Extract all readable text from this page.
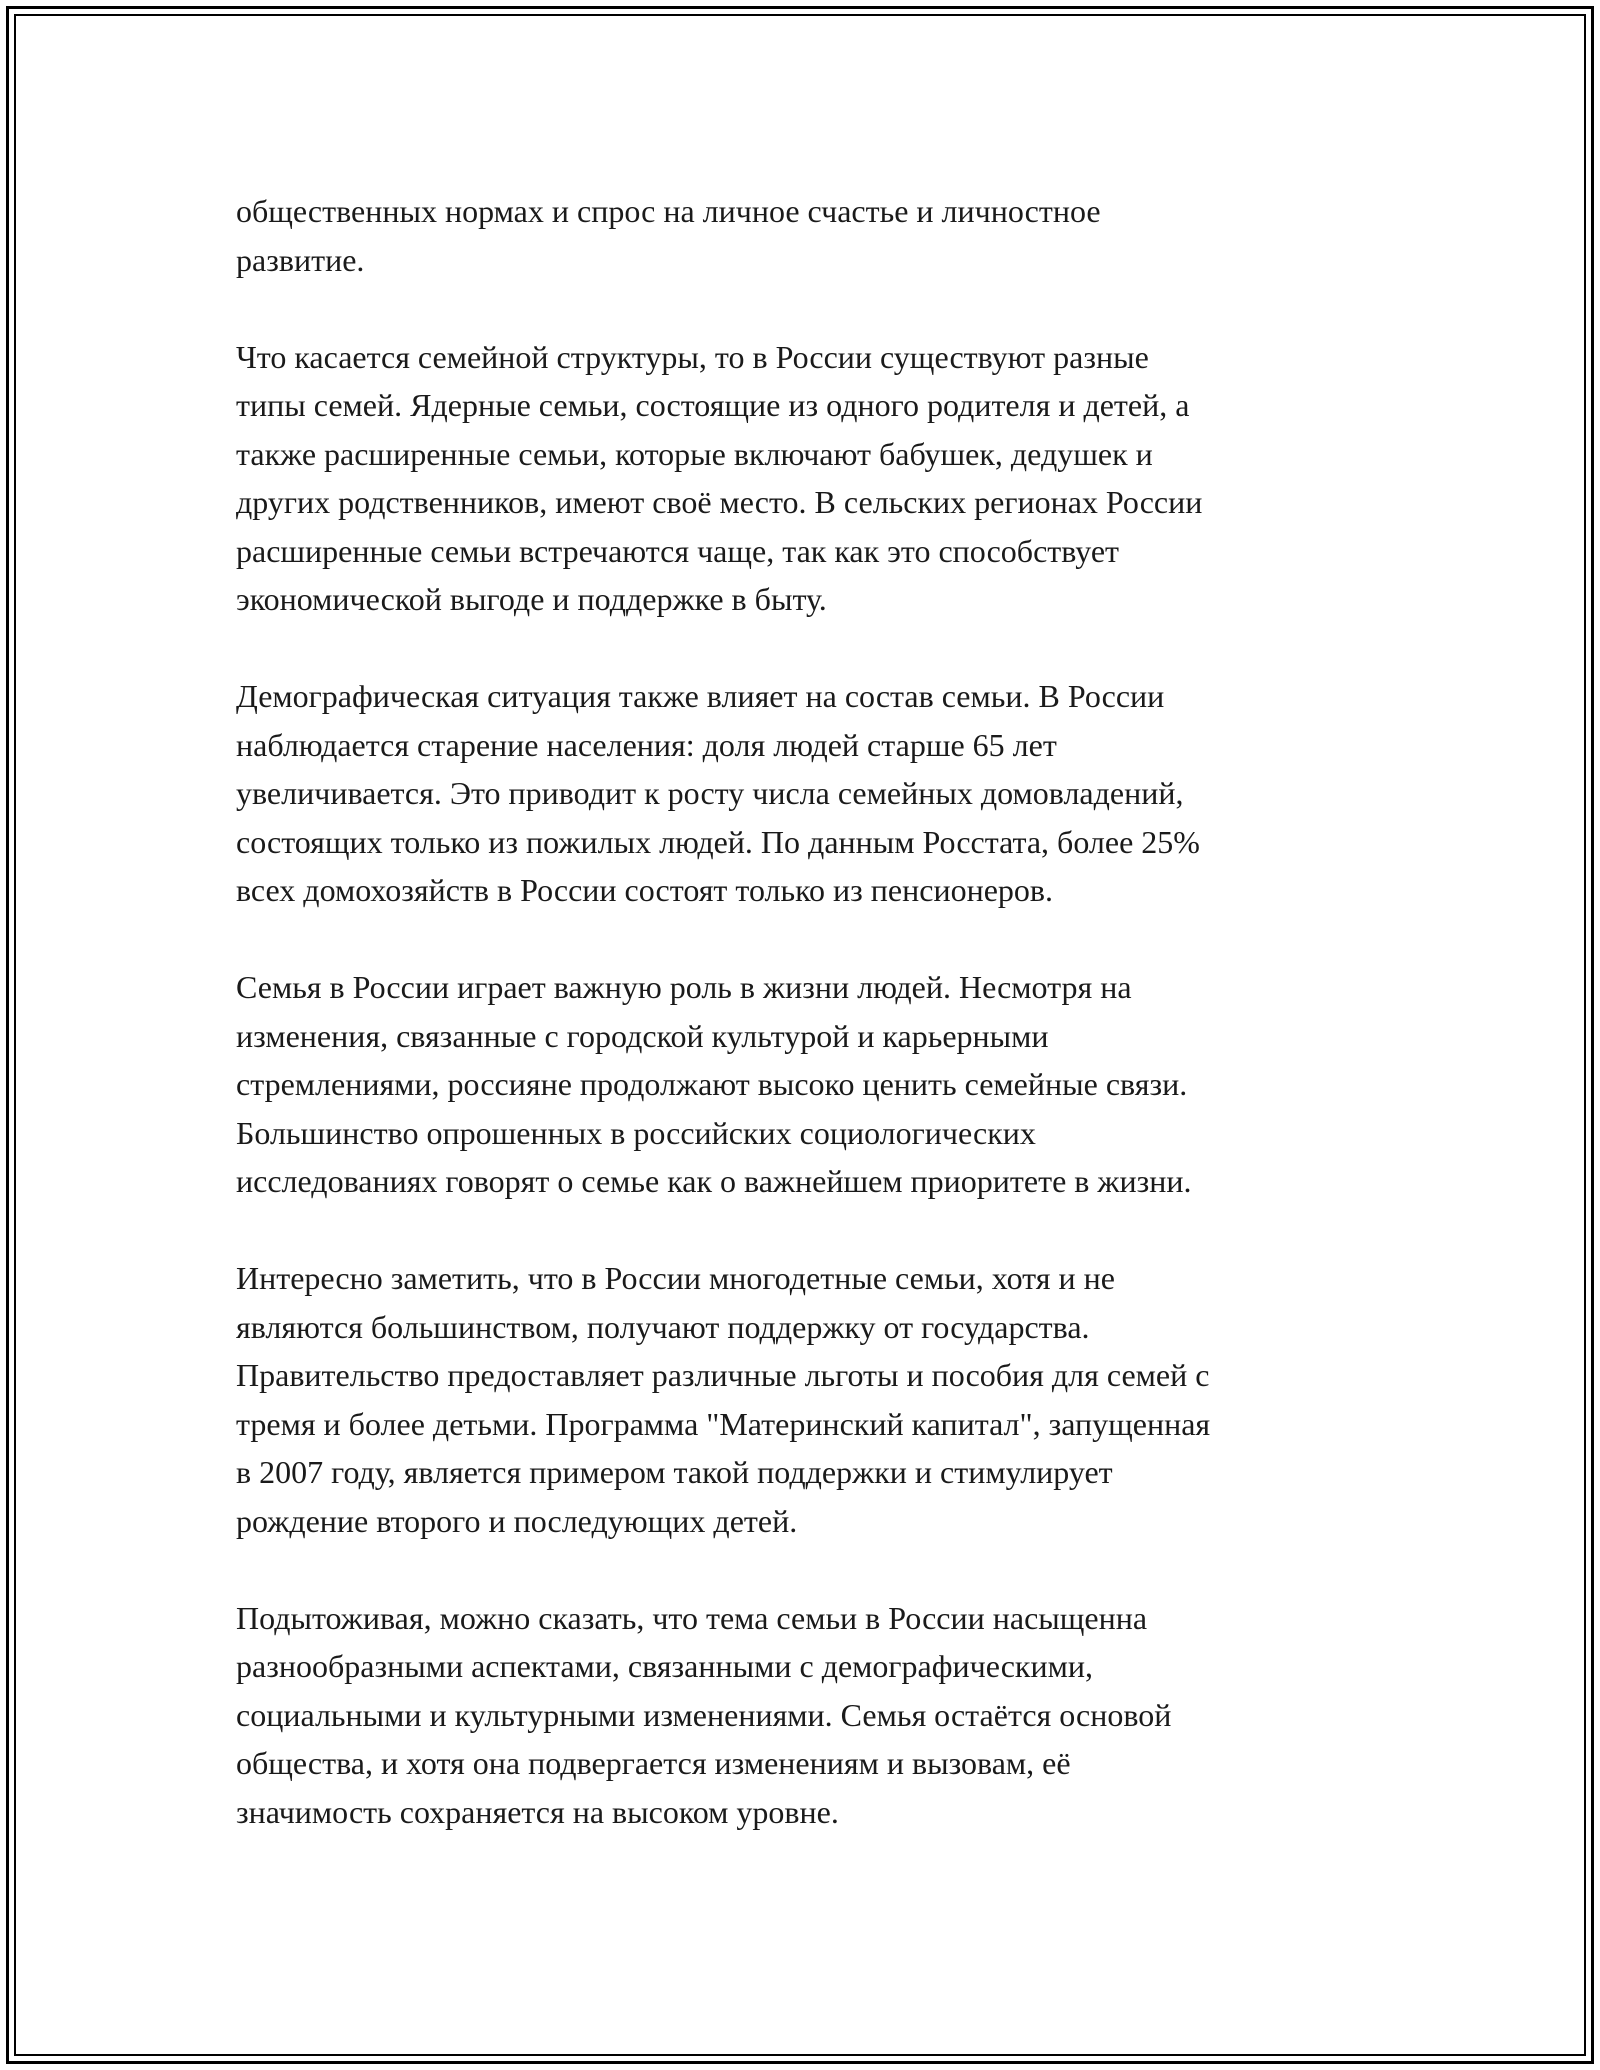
общественных нормах и спрос на личное счастье и личностное
развитие.

Что касается семейной структуры, то в России существуют разные
типы семей. Ядерные семьи, состоящие из одного родителя и детей, а
также расширенные семьи, которые включают бабушек, дедушек и
других родственников, имеют своё место. В сельских регионах России
расширенные семьи встречаются чаще, так как это способствует
экономической выгоде и поддержке в быту.

Демографическая ситуация также влияет на состав семьи. В России
наблюдается старение населения: доля людей старше 65 лет
увеличивается. Это приводит к росту числа семейных домовладений,
состоящих только из пожилых людей. По данным Росстата, более 25%
всех домохозяйств в России состоят только из пенсионеров.

Семья в России играет важную роль в жизни людей. Несмотря на
изменения, связанные с городской культурой и карьерными
стремлениями, россияне продолжают высоко ценить семейные связи.
Большинство опрошенных в российских социологических
исследованиях говорят о семье как о важнейшем приоритете в жизни.

Интересно заметить, что в России многодетные семьи, хотя и не
являются большинством, получают поддержку от государства.
Правительство предоставляет различные льготы и пособия для семей с
тремя и более детьми. Программа "Материнский капитал", запущенная
в 2007 году, является примером такой поддержки и стимулирует
рождение второго и последующих детей.

Подытоживая, можно сказать, что тема семьи в России насыщенна
разнообразными аспектами, связанными с демографическими,
социальными и культурными изменениями. Семья остаётся основой
общества, и хотя она подвергается изменениям и вызовам, её
значимость сохраняется на высоком уровне.
